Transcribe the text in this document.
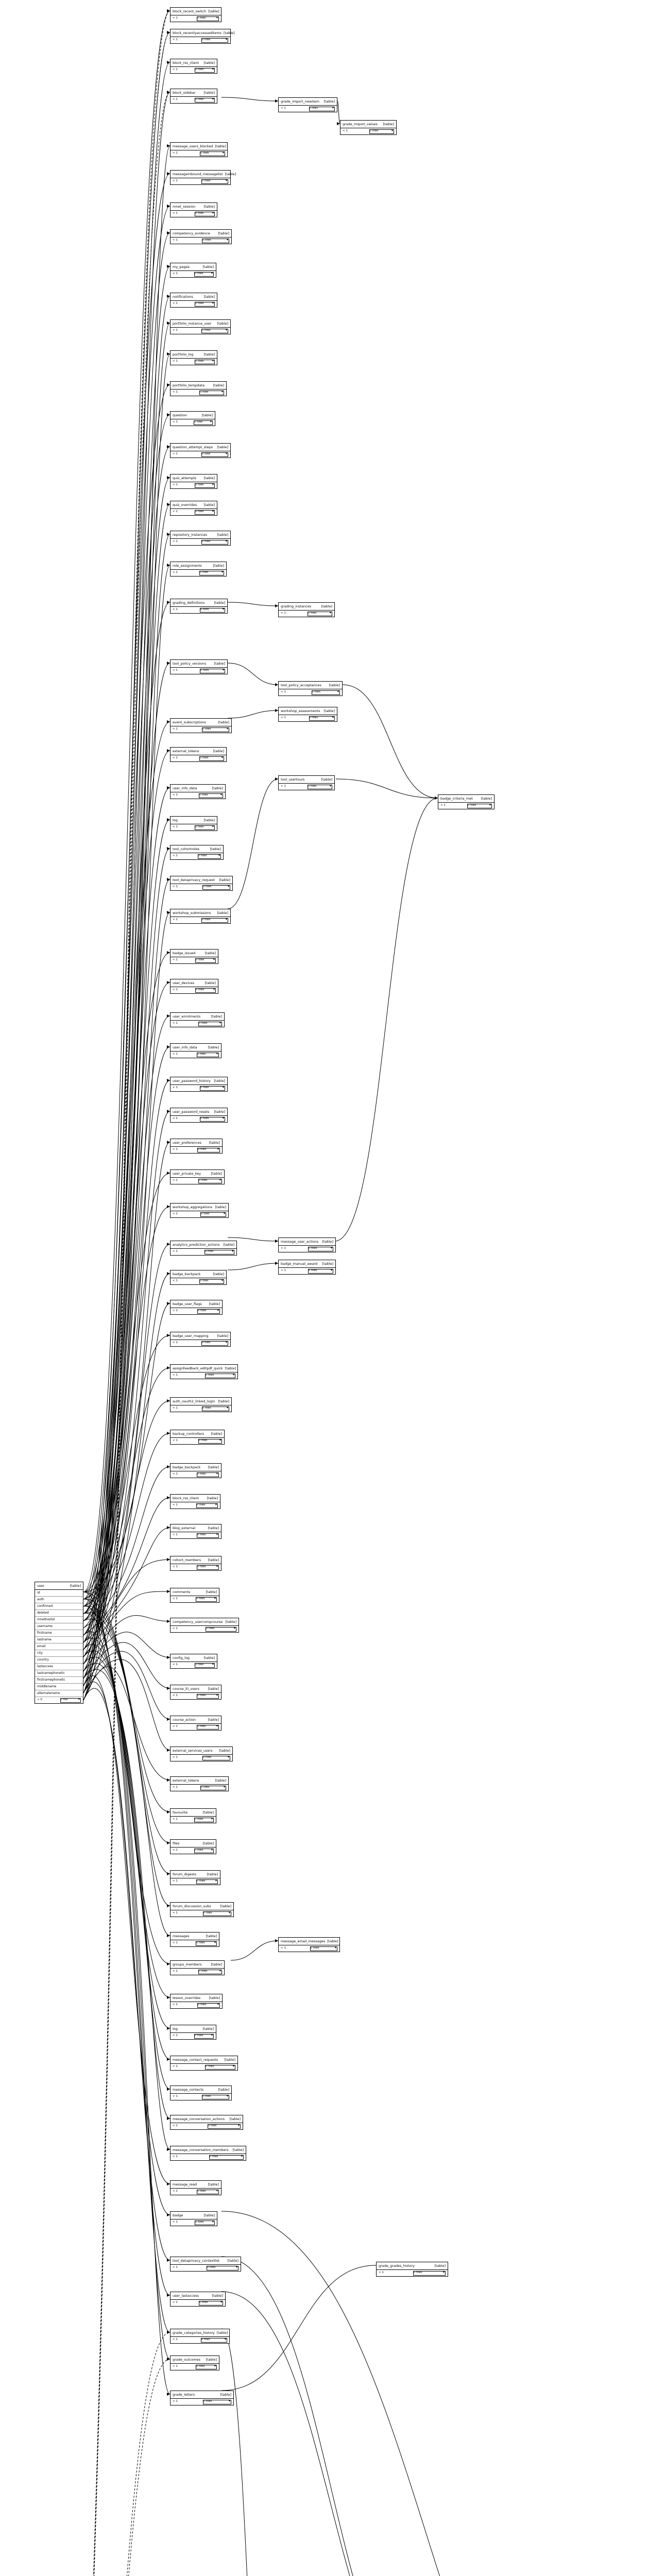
block_recent_switch [table]
< 1	0 rows ▾
block_recentlyaccesseditems [table]
< 1	0 rows ▾
block_rss_client [table]
< 1	0 rows ▾
block_sidebar [table]
< 1	0 rows ▾
grade_import_newitem [table]
< 1	0 rows ▾
grade_import_values [table]
< 1	0 rows ▾
message_users_blocked [table]
< 1	0 rows ▾
messageinbound_messagelist [table]
< 1	0 rows ▾
mnet_session [table]
< 1	0 rows ▾
competency_evidence [table]
< 1	0 rows ▾
my_pages	[table]
< 1	0 rows ▾
notifications	[table]
< 1	0 rows ▾
portfolio_instance_user [table]
< 1	0 rows ▾
portfolio_log	[table]
< 1	0 rows ▾
portfolio_tempdata	[table]
< 1	0 rows ▾
question	[table]
< 1	0 rows ▾
question_attempt_steps [table]
< 1	0 rows ▾
quiz_attempts [table]
< 1	0 rows ▾
quiz_overrides [table]
< 1	0 rows ▾
repository_instances	[table]
< 1	0 rows ▾
role_assignments	[table]
< 1	0 rows ▾
grading_instances	[table]
< 1	0 rows ▾
grading_definitions	[table]
< 1	0 rows ▾
tool_policy_versions [table]
< 1	0 rows ▾
tool_policy_acceptances [table]
< 1	0 rows ▾
workshop_assessments [table]
< 1	0 rows ▾
tool_usertours	[table]
< 1	0 rows ▾
badge_criteria_met [table]
< 1	0 rows ▾
event_subscriptions	[table]
< 1	0 rows ▾
external_tokens	[table]
< 1	0 rows ▾
user_info_data	[table]
< 1	0 rows ▾
log	[table]
< 1	0 rows ▾
tool_cohortroles	[table]
< 1	0 rows ▾
tool_dataprivacy_request [table]
< 1	0 rows ▾
workshop_submissions [table]
< 1	0 rows ▾
badge_issued	[table]
< 1	0 rows ▾
user_devices	[table]
< 1	0 rows ▾
user_enrolments	[table]
< 1	0 rows ▾
user_info_data	[table]
< 1	0 rows ▾
user_password_history [table]
< 1	0 rows ▾
user_password_resets [table]
< 1	0 rows ▾
user_preferences [table]
< 1	0 rows ▾
user_private_key	[table]
< 1	0 rows ▾
workshop_aggregations [table]
< 1	0 rows ▾
message_user_actions [table]
< 1	0 rows ▾
badge_manual_award [table]
< 1	0 rows ▾
analytics_prediction_actions [table]
< 1	0 rows ▾
badge_backpack	[table]
< 1	0 rows ▾
badge_user_flags [table]
< 1	0 rows ▾
badge_user_mapping	[table]
< 1	0 rows ▾
assignfeedback_editpdf_quick [table]
< 1	0 rows ▾
auth_oauth2_linked_login [table]
< 1	0 rows ▾
backup_controllers [table]
< 1	0 rows ▾
badge_backpack [table]
< 1	0 rows ▾
block_rss_client [table]
< 1	0 rows ▾
blog_external	[table]
< 1	0 rows ▾
cohort_members [table]
< 1	0 rows ▾
comments	[table]
< 1	0 rows ▾
competency_usercompcourse [table]
< 1	0 rows ▾
config_log	[table]
< 1	0 rows ▾
course_lti_users	[table]
< 1	0 rows ▾
course_action	[table]
< 1	0 rows ▾
external_services_users [table]
< 1	0 rows ▾
external_tokens	[table]
< 1	0 rows ▾
favourite	[table]
< 1	0 rows ▾
files	[table]
< 1	0 rows ▾
forum_digests	[table]
< 1	0 rows ▾
forum_discussion_subs	[table]
< 1	0 rows ▾
messages	[table]
< 1	0 rows ▾	message_email_messages [table]
< 1	0 rows ▾
groups_members	[table]
< 1	0 rows ▾
lesson_overrides [table]
< 1	0 rows ▾
log	[table]
< 1	0 rows ▾
message_contact_requests [table]
< 1	0 rows ▾
message_contacts	[table]
< 1	0 rows ▾
message_conversation_actions [table]
< 1	0 rows ▾
message_conversation_members [table]
< 1	0 rows ▾
message_read	[table]
< 1	0 rows ▾
badge	[table]
< 1	0 rows ▾
tool_dataprivacy_contextlist [table]
< 1	0 rows ▾
user_lastaccess	[table]
< 1	0 rows ▾
grade_categories_history [table]
< 1	0 rows ▾
grade_outcomes [table]
< 1	0 rows ▾
grade_letters	[table]
< 1	0 rows ▾
grade_grades_history	[table]
< 1	0 rows ▾
user	[table]
id
auth
confirmed
deleted
mnethostid
username
firstname
lastname
email
city
country
lastaccess
lastnamephonetic
firstnamephonetic
middlename
alternatename
< 0	1 row ▾
